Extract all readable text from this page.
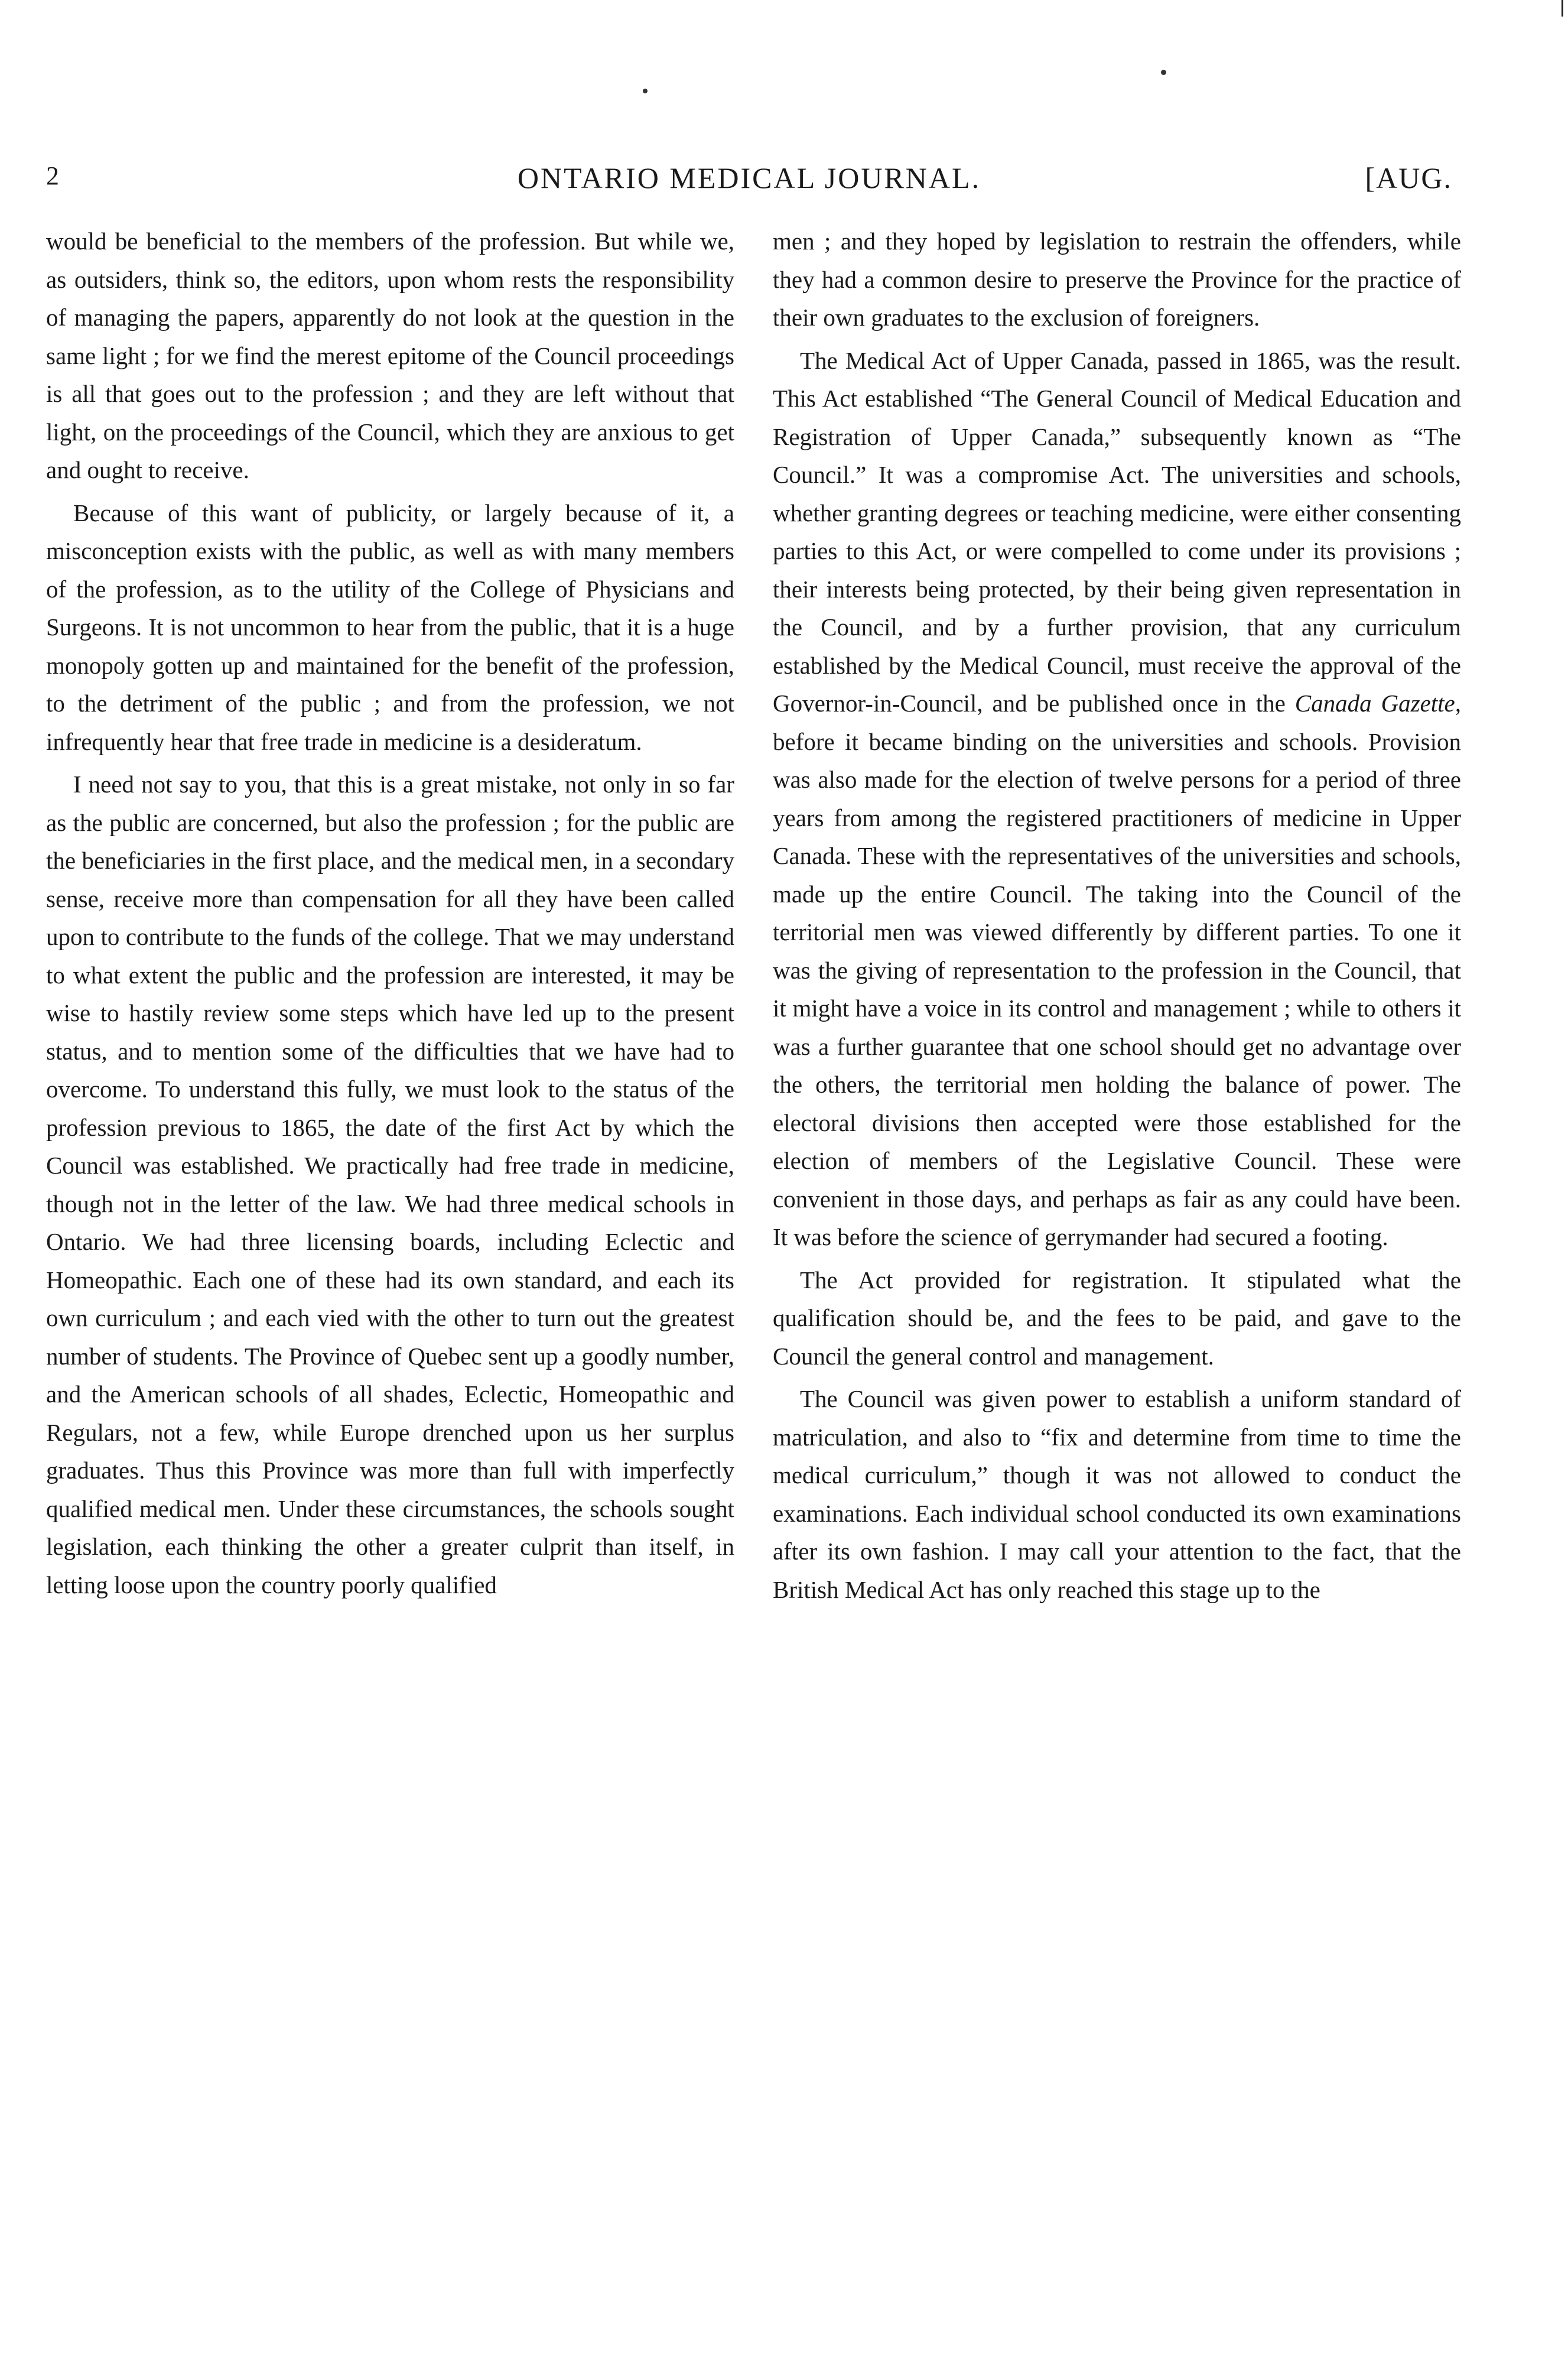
2	ONTARIO MEDICAL JOURNAL.	[AUG.

would be beneficial to the members of the profession. But while we, as outsiders, think so, the editors, upon whom rests the responsibility of managing the papers, apparently do not look at the question in the same light ; for we find the merest epitome of the Council proceedings is all that goes out to the profession ; and they are left without that light, on the proceedings of the Council, which they are anxious to get and ought to receive.

Because of this want of publicity, or largely because of it, a misconception exists with the public, as well as with many members of the profession, as to the utility of the College of Physicians and Surgeons. It is not uncommon to hear from the public, that it is a huge monopoly gotten up and maintained for the benefit of the profession, to the detriment of the public ; and from the profession, we not infrequently hear that free trade in medicine is a desideratum.

I need not say to you, that this is a great mistake, not only in so far as the public are concerned, but also the profession ; for the public are the beneficiaries in the first place, and the medical men, in a secondary sense, receive more than compensation for all they have been called upon to contribute to the funds of the college. That we may understand to what extent the public and the profession are interested, it may be wise to hastily review some steps which have led up to the present status, and to mention some of the difficulties that we have had to overcome. To understand this fully, we must look to the status of the profession previous to 1865, the date of the first Act by which the Council was established. We practically had free trade in medicine, though not in the letter of the law. We had three medical schools in Ontario. We had three licensing boards, including Eclectic and Homeopathic. Each one of these had its own standard, and each its own curriculum ; and each vied with the other to turn out the greatest number of students. The Province of Quebec sent up a goodly number, and the American schools of all shades, Eclectic, Homeopathic and Regulars, not a few, while Europe drenched upon us her surplus graduates. Thus this Province was more than full with imperfectly qualified medical men. Under these circumstances, the schools sought legislation, each thinking the other a greater culprit than itself, in letting loose upon the country poorly qualified

men ; and they hoped by legislation to restrain the offenders, while they had a common desire to preserve the Province for the practice of their own graduates to the exclusion of foreigners.

The Medical Act of Upper Canada, passed in 1865, was the result. This Act established “The General Council of Medical Education and Registration of Upper Canada,” subsequently known as “The Council.” It was a compromise Act. The universities and schools, whether granting degrees or teaching medicine, were either consenting parties to this Act, or were compelled to come under its provisions ; their interests being protected, by their being given representation in the Council, and by a further provision, that any curriculum established by the Medical Council, must receive the approval of the Governor-in-Council, and be published once in the Canada Gazette, before it became binding on the universities and schools. Provision was also made for the election of twelve persons for a period of three years from among the registered practitioners of medicine in Upper Canada. These with the representatives of the universities and schools, made up the entire Council. The taking into the Council of the territorial men was viewed differently by different parties. To one it was the giving of representation to the profession in the Council, that it might have a voice in its control and management ; while to others it was a further guarantee that one school should get no advantage over the others, the territorial men holding the balance of power. The electoral divisions then accepted were those established for the election of members of the Legislative Council. These were convenient in those days, and perhaps as fair as any could have been. It was before the science of gerrymander had secured a footing.

The Act provided for registration. It stipulated what the qualification should be, and the fees to be paid, and gave to the Council the general control and management.

The Council was given power to establish a uniform standard of matriculation, and also to “fix and determine from time to time the medical curriculum,” though it was not allowed to conduct the examinations. Each individual school conducted its own examinations after its own fashion. I may call your attention to the fact, that the British Medical Act has only reached this stage up to the
